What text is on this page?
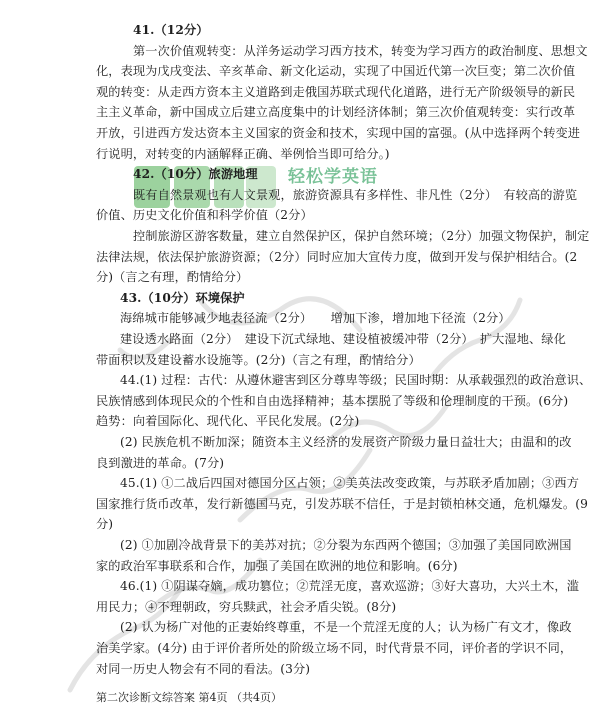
轻松学英语
41.（12分）
第一次价值观转变：从洋务运动学习西方技术，转变为学习西方的政治制度、思想文
化，表现为戊戌变法、辛亥革命、新文化运动，实现了中国近代第一次巨变；第二次价值
观的转变：从走西方资本主义道路到走俄国苏联式现代化道路，进行无产阶级领导的新民
主主义革命，新中国成立后建立高度集中的计划经济体制；第三次价值观转变：实行改革
开放，引进西方发达资本主义国家的资金和技术，实现中国的富强。(从中选择两个转变进
行说明，对转变的内涵解释正确、举例恰当即可给分。)
42.（10分）旅游地理
既有自然景观也有人文景观，旅游资源具有多样性、非凡性（2分）　有较高的游览
价值、历史文化价值和科学价值（2分）
控制旅游区游客数量，建立自然保护区，保护自然环境；（2分）加强文物保护，制定
法律法规，依法保护旅游资源；（2分）同时应加大宣传力度，做到开发与保护相结合。(2
分)（言之有理，酌情给分）
43.（10分）环境保护
海绵城市能够减少地表径流（2分）　　增加下渗，增加地下径流（2分）
建设透水路面（2分）　建设下沉式绿地、建设植被缓冲带（2分）　扩大湿地、绿化
带面积以及建设蓄水设施等。(2分)（言之有理，酌情给分）
44.(1) 过程：古代：从遵休避害到区分尊卑等级；民国时期：从承载强烈的政治意识、
民族情感到体现民众的个性和自由选择精神；基本摆脱了等级和伦理制度的干预。(6分)
趋势：向着国际化、现代化、平民化发展。(2分)
(2) 民族危机不断加深；随资本主义经济的发展资产阶级力量日益壮大；由温和的改
良到激进的革命。(7分)
45.(1) ①二战后四国对德国分区占领；②美英法改变政策，与苏联矛盾加剧；③西方
国家推行货币改革，发行新德国马克，引发苏联不信任，于是封锁柏林交通，危机爆发。(9
分)
(2) ①加剧冷战背景下的美苏对抗；②分裂为东西两个德国；③加强了美国同欧洲国
家的政治军事联系和合作，加强了美国在欧洲的地位和影响。(6分)
46.(1) ①阴谋夺嫡，成功篡位；②荒淫无度，喜欢巡游；③好大喜功，大兴土木，滥
用民力；④不理朝政，穷兵黩武，社会矛盾尖锐。(8分)
(2) 认为杨广对他的正妻始终尊重，不是一个荒淫无度的人；认为杨广有文才，像政
治美学家。(4分) 由于评价者所处的阶级立场不同，时代背景不同，评价者的学识不同，
对同一历史人物会有不同的看法。(3分)
第二次诊断文综答案 第4页 （共4页）
